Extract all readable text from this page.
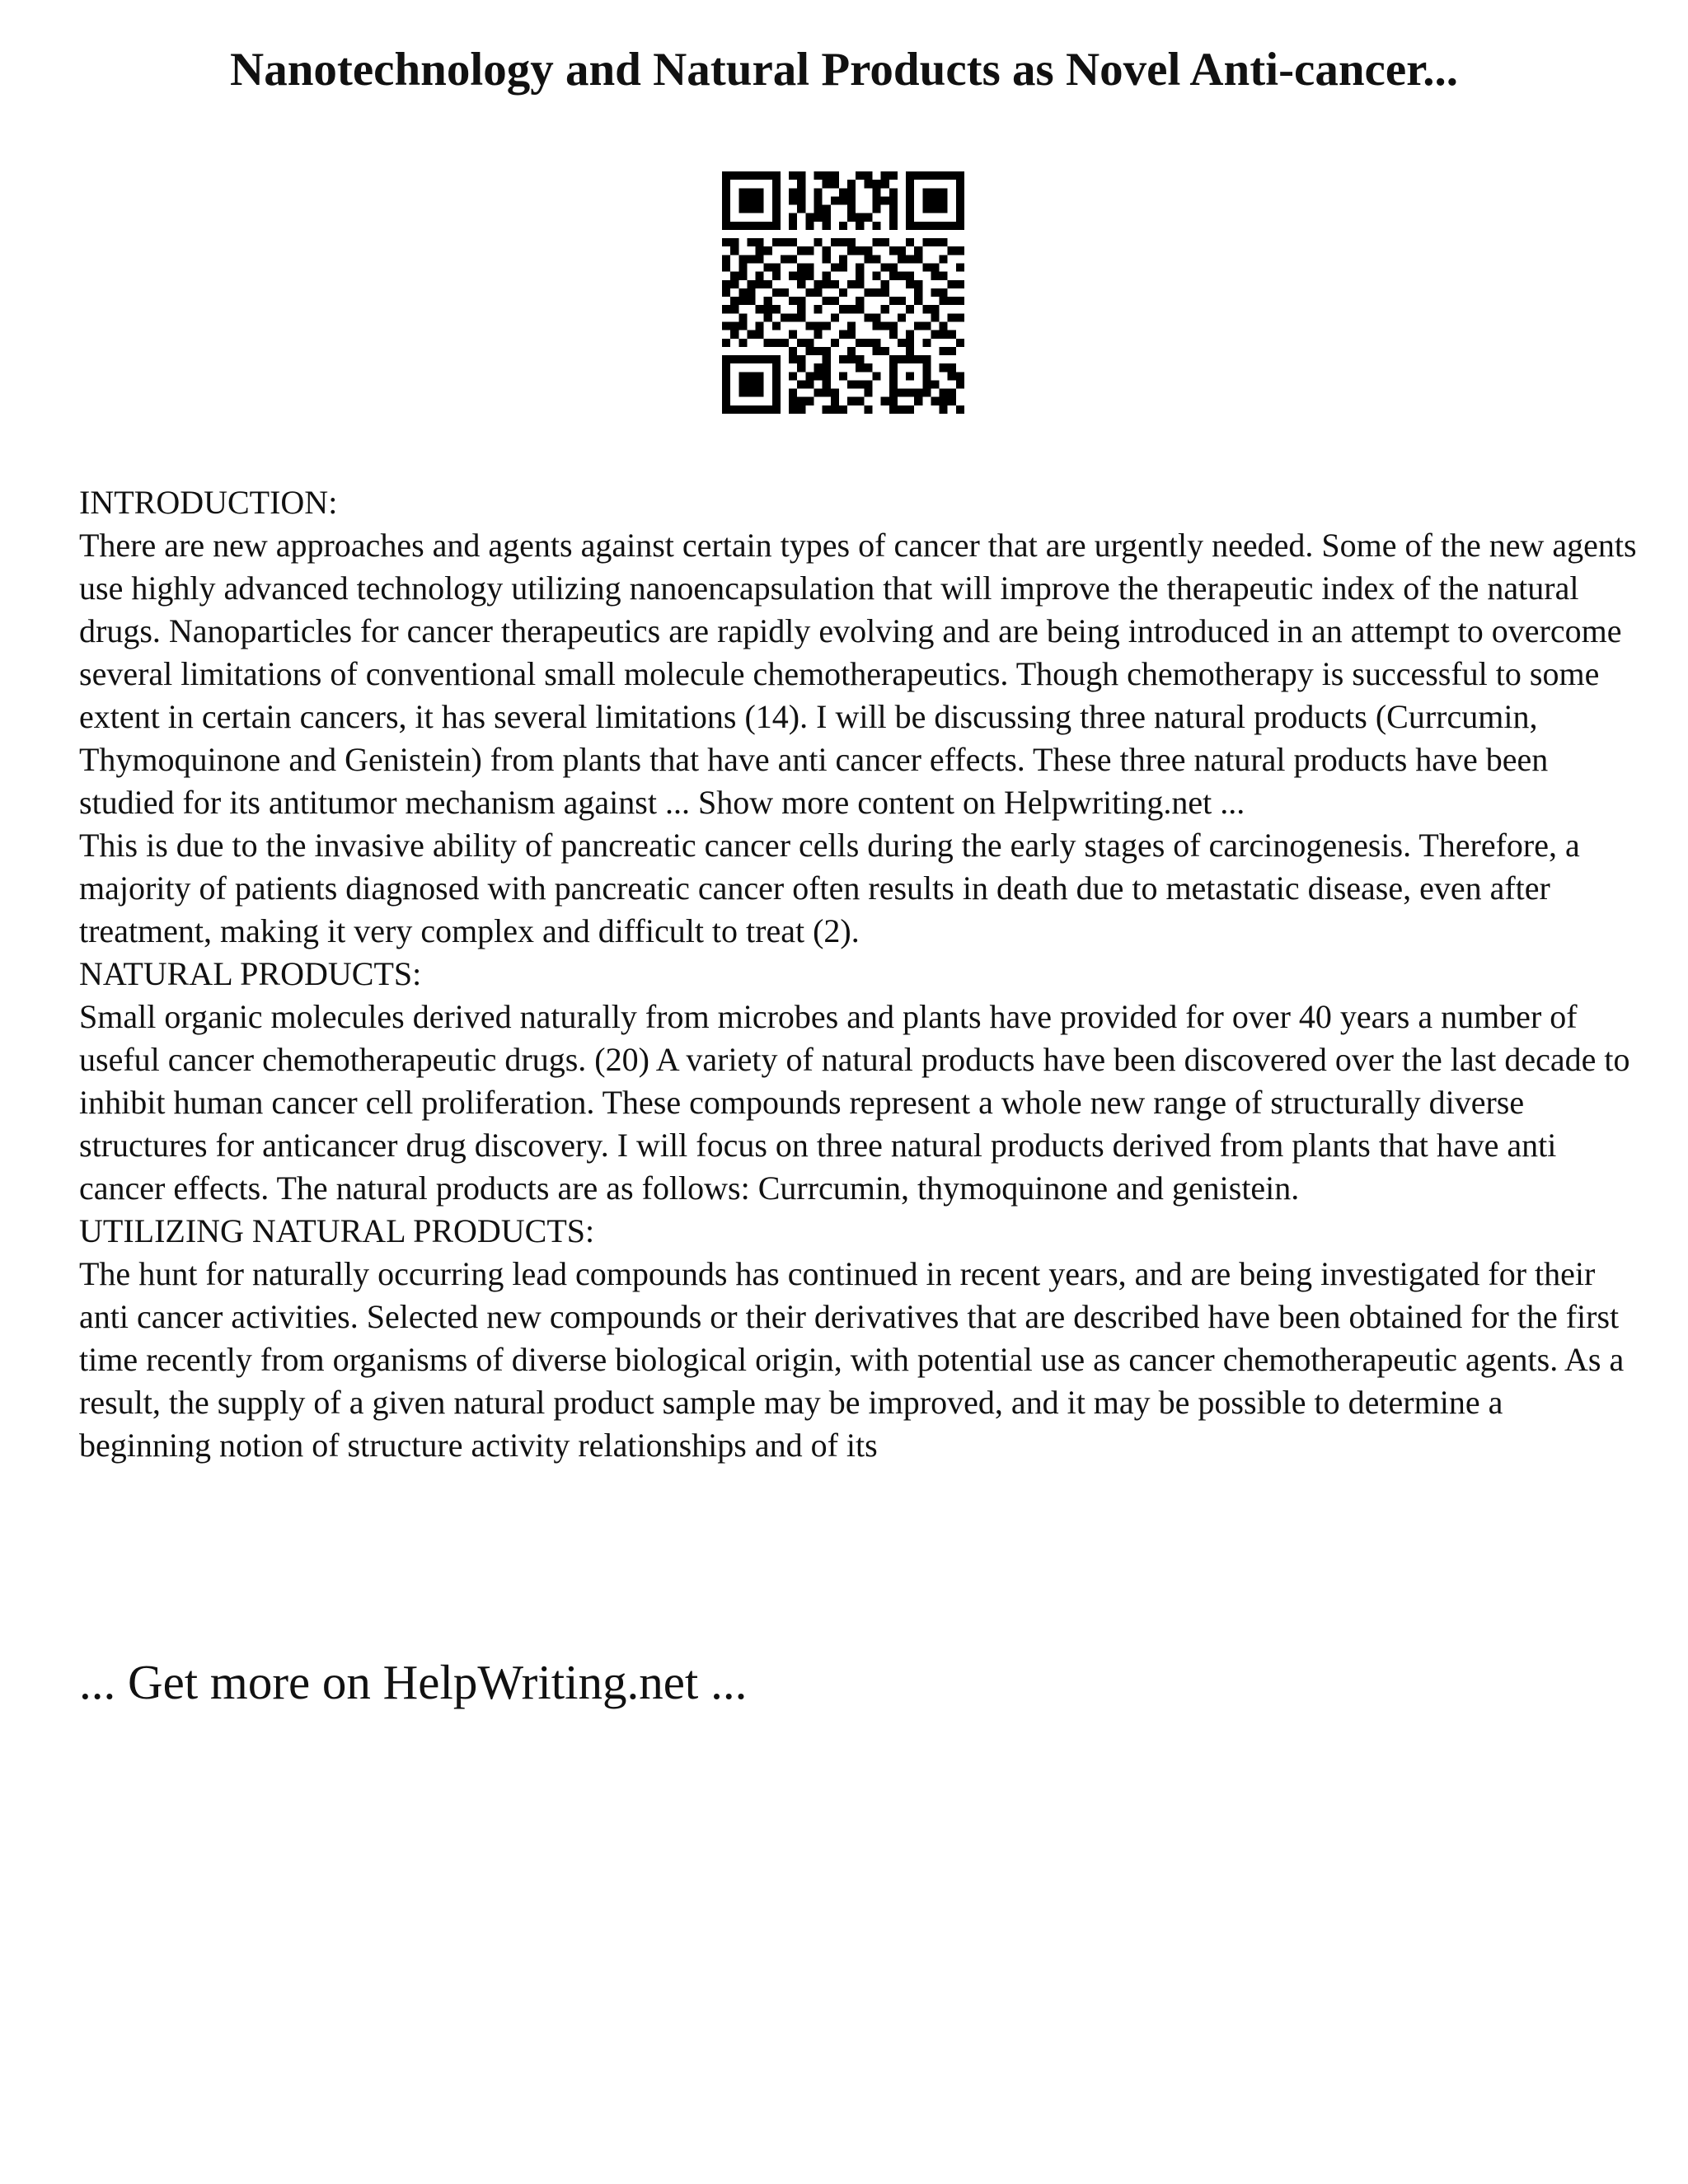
Nanotechnology and Natural Products as Novel Anti-cancer...
INTRODUCTION:

There are new approaches and agents against certain types of cancer that are urgently needed. Some of the new agents use highly advanced technology utilizing nanoencapsulation that will improve the therapeutic index of the natural drugs. Nanoparticles for cancer therapeutics are rapidly evolving and are being introduced in an attempt to overcome several limitations of conventional small molecule chemotherapeutics. Though chemotherapy is successful to some extent in certain cancers, it has several limitations (14). I will be discussing three natural products (Currcumin, Thymoquinone and Genistein) from plants that have anti cancer effects. These three natural products have been studied for its antitumor mechanism against ... Show more content on Helpwriting.net ...

This is due to the invasive ability of pancreatic cancer cells during the early stages of carcinogenesis. Therefore, a majority of patients diagnosed with pancreatic cancer often results in death due to metastatic disease, even after treatment, making it very complex and difficult to treat (2).

NATURAL PRODUCTS:

Small organic molecules derived naturally from microbes and plants have provided for over 40 years a number of useful cancer chemotherapeutic drugs. (20) A variety of natural products have been discovered over the last decade to inhibit human cancer cell proliferation. These compounds represent a whole new range of structurally diverse structures for anticancer drug discovery. I will focus on three natural products derived from plants that have anti cancer effects. The natural products are as follows: Currcumin, thymoquinone and genistein.

UTILIZING NATURAL PRODUCTS:

The hunt for naturally occurring lead compounds has continued in recent years, and are being investigated for their anti cancer activities. Selected new compounds or their derivatives that are described have been obtained for the first time recently from organisms of diverse biological origin, with potential use as cancer chemotherapeutic agents. As a result, the supply of a given natural product sample may be improved, and it may be possible to determine a beginning notion of structure activity relationships and of its

... Get more on HelpWriting.net ...
